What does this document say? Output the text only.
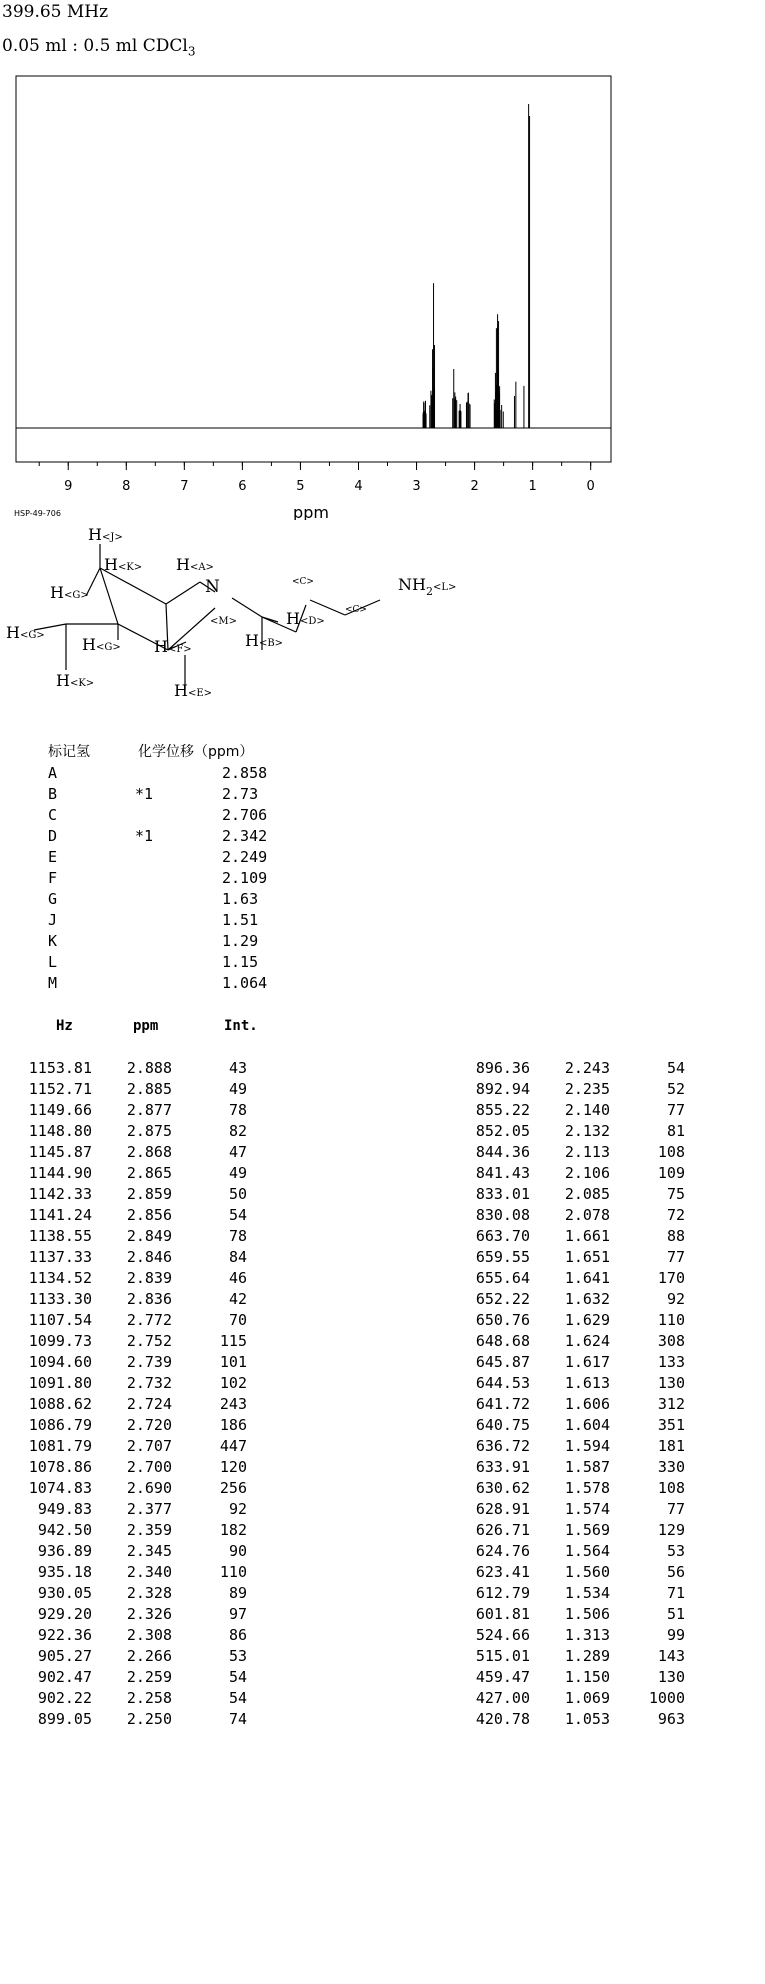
399.65 MHz
0.05 ml : 0.5 ml CDCl$_3$
9	8	7	6	5	4	3	2	1	0
ppm
HSP-49-706
H<J>
H<K> H<A>
N	<C>
<C>
$NH_2^{<L>}$
H<G>
<M>
H<G>
H<D>
H<G> H<F>	H<B>
H<K>	H<E>
标记氢	化学位移（ppm）
A	2.858
B	*1	2.73
C	2.706
D	*1	2.342
E	2.249
F	2.109
G	1.63
J	1.51
K	1.29
L	1.15
M	1.064
Hz	ppm	Int.
1153.81	2.888	43
1152.71	2.885	49
1149.66	2.877	78
1148.80	2.875	82
1145.87	2.868	47
1144.90	2.865	49
1142.33	2.859	50
1141.24	2.856	54
1138.55	2.849	78
1137.33	2.846	84
1134.52	2.839	46
1133.30	2.836	42
1107.54	2.772	70
1099.73	2.752	115
1094.60	2.739	101
1091.80	2.732	102
1088.62	2.724	243
1086.79	2.720	186
1081.79	2.707	447
1078.86	2.700	120
1074.83	2.690	256
949.83	2.377	92
942.50	2.359	182
936.89	2.345	90
935.18	2.340	110
930.05	2.328	89
929.20	2.326	97
922.36	2.308	86
905.27	2.266	53
902.47	2.259	54
902.22	2.258	54
899.05	2.250	74
896.36	2.243	54
892.94	2.235	52
855.22	2.140	77
852.05	2.132	81
844.36	2.113	108
841.43	2.106	109
833.01	2.085	75
830.08	2.078	72
663.70	1.661	88
659.55	1.651	77
655.64	1.641	170
652.22	1.632	92
650.76	1.629	110
648.68	1.624	308
645.87	1.617	133
644.53	1.613	130
641.72	1.606	312
640.75	1.604	351
636.72	1.594	181
633.91	1.587	330
630.62	1.578	108
628.91	1.574	77
626.71	1.569	129
624.76	1.564	53
623.41	1.560	56
612.79	1.534	71
601.81	1.506	51
524.66	1.313	99
515.01	1.289	143
459.47	1.150	130
427.00	1.069	1000
420.78	1.053	963
